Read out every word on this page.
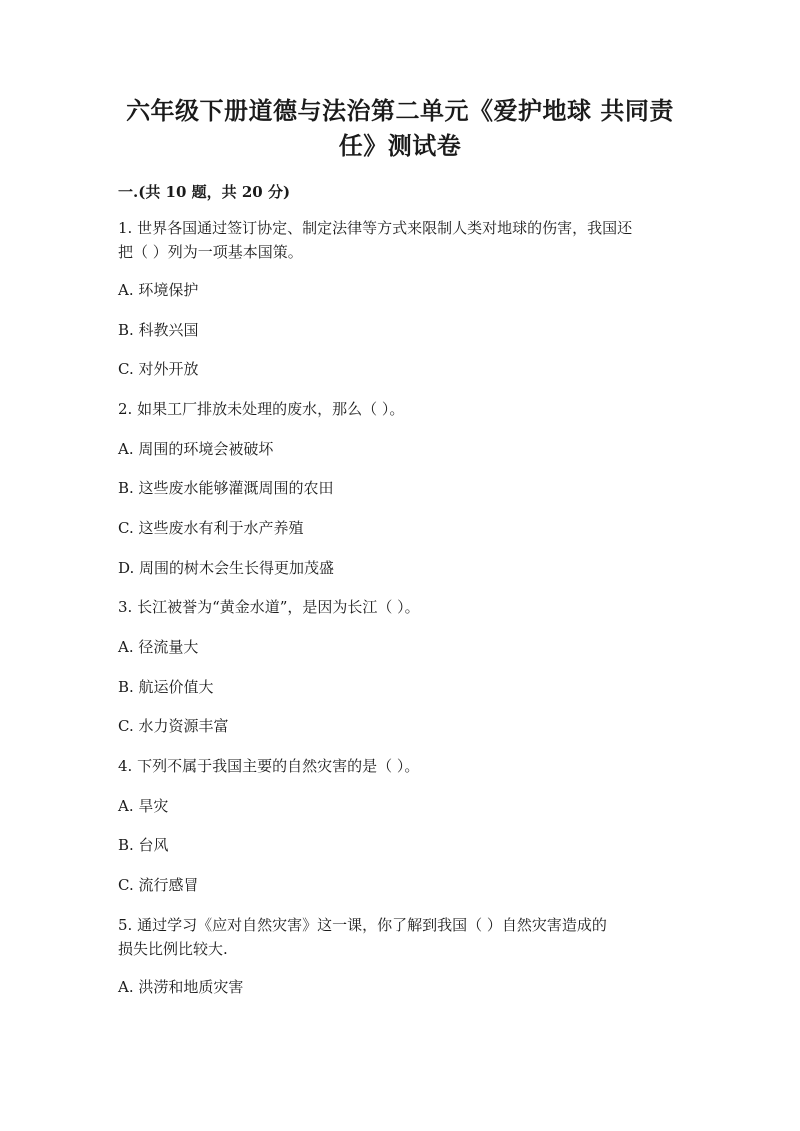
六年级下册道德与法治第二单元《爱护地球 共同责
任》测试卷
一.(共 10 题，共 20 分)
1. 世界各国通过签订协定、制定法律等方式来限制人类对地球的伤害，我国还
把（ ）列为一项基本国策。
A. 环境保护
B. 科教兴国
C. 对外开放
2. 如果工厂排放未处理的废水，那么（ ）。
A. 周围的环境会被破坏
B. 这些废水能够灌溉周围的农田
C. 这些废水有利于水产养殖
D. 周围的树木会生长得更加茂盛
3. 长江被誉为“黄金水道”，是因为长江（ ）。
A. 径流量大
B. 航运价值大
C. 水力资源丰富
4. 下列不属于我国主要的自然灾害的是（ ）。
A. 旱灾
B. 台风
C. 流行感冒
5. 通过学习《应对自然灾害》这一课，你了解到我国（ ）自然灾害造成的
损失比例比较大.
A. 洪涝和地质灾害
